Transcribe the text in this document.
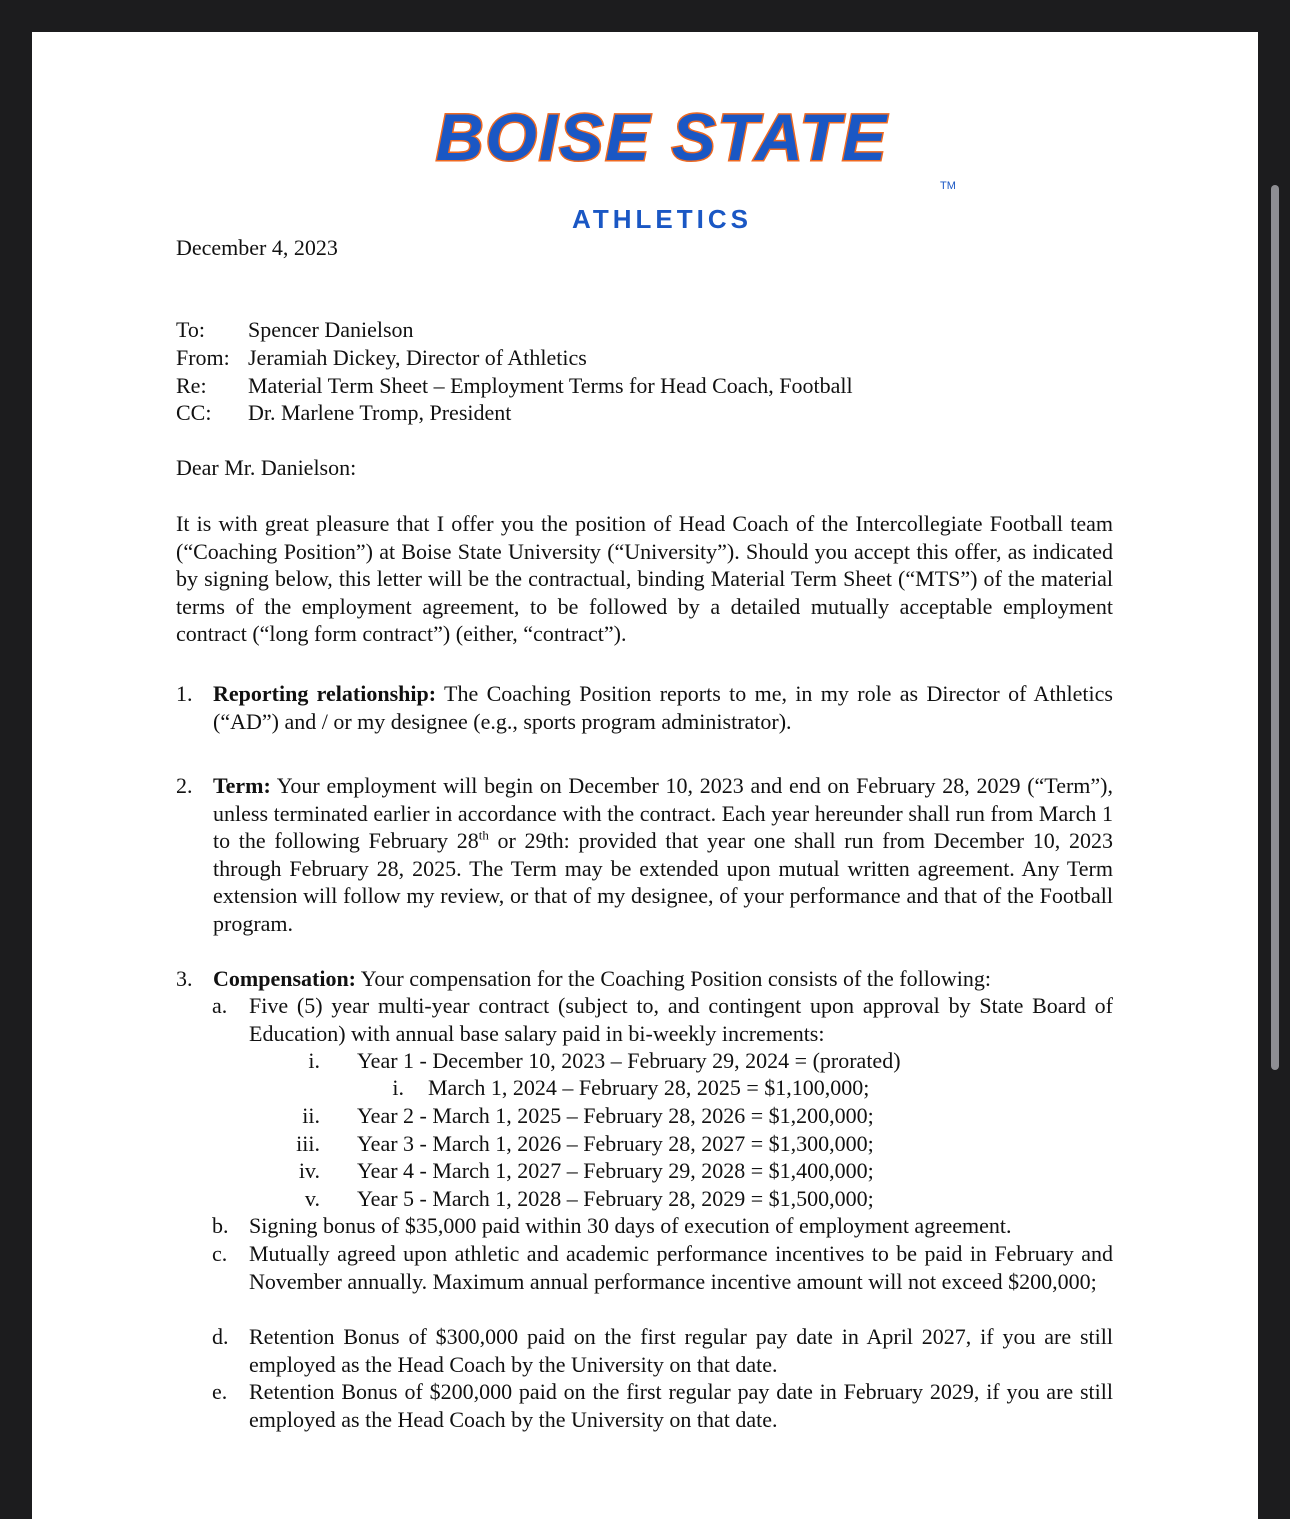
BOISE STATE
TM
ATHLETICS
December 4, 2023
To:	Spencer Danielson
From: Jeramiah Dickey, Director of Athletics
Re:	Material Term Sheet – Employment Terms for Head Coach, Football
CC:	Dr. Marlene Tromp, President
Dear Mr. Danielson:
It is with great pleasure that I offer you the position of Head Coach of the Intercollegiate Football team (“Coaching Position”) at Boise State University (“University”). Should you accept this offer, as indicated by signing below, this letter will be the contractual, binding Material Term Sheet (“MTS”) of the material terms of the employment agreement, to be followed by a detailed mutually acceptable employment contract (“long form contract”) (either, “contract”).
1. Reporting relationship: The Coaching Position reports to me, in my role as Director of Athletics (“AD”) and / or my designee (e.g., sports program administrator).
2. Term: Your employment will begin on December 10, 2023 and end on February 28, 2029 (“Term”), unless terminated earlier in accordance with the contract. Each year hereunder shall run from March 1 to the following February 28th or 29th: provided that year one shall run from December 10, 2023 through February 28, 2025. The Term may be extended upon mutual written agreement. Any Term extension will follow my review, or that of my designee, of your performance and that of the Football program.
3. Compensation: Your compensation for the Coaching Position consists of the following:
a. Five (5) year multi-year contract (subject to, and contingent upon approval by State Board of Education) with annual base salary paid in bi-weekly increments:
i. Year 1 - December 10, 2023 – February 29, 2024 = (prorated)
i. March 1, 2024 – February 28, 2025 = $1,100,000;
ii. Year 2 - March 1, 2025 – February 28, 2026 = $1,200,000;
iii. Year 3 - March 1, 2026 – February 28, 2027 = $1,300,000;
iv. Year 4 - March 1, 2027 – February 29, 2028 = $1,400,000;
v. Year 5 - March 1, 2028 – February 28, 2029 = $1,500,000;
b. Signing bonus of $35,000 paid within 30 days of execution of employment agreement.
c. Mutually agreed upon athletic and academic performance incentives to be paid in February and November annually. Maximum annual performance incentive amount will not exceed $200,000;
d. Retention Bonus of $300,000 paid on the first regular pay date in April 2027, if you are still employed as the Head Coach by the University on that date.
e. Retention Bonus of $200,000 paid on the first regular pay date in February 2029, if you are still employed as the Head Coach by the University on that date.
